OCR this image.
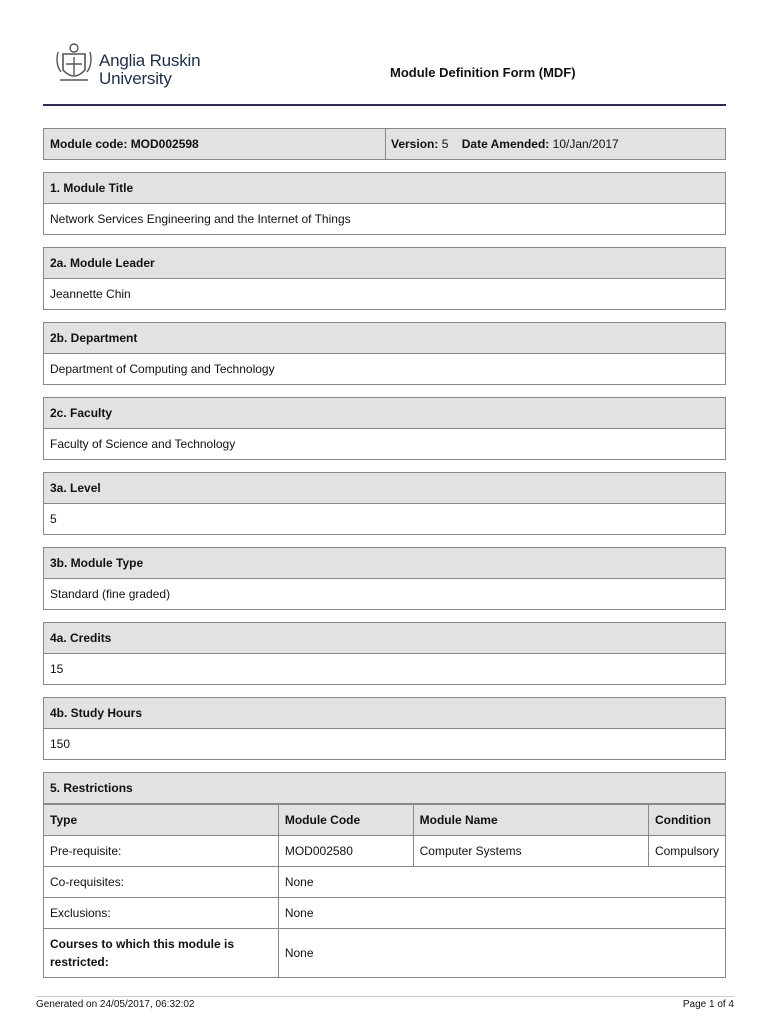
Anglia Ruskin
University	Module Definition Form (MDF)
Module code: MOD002598	Version: 5 Date Amended: 10/Jan/2017
1. Module Title
Network Services Engineering and the Internet of Things
2a. Module Leader
Jeannette Chin
2b. Department
Department of Computing and Technology
2c. Faculty
Faculty of Science and Technology
3a. Level
5
3b. Module Type
Standard (fine graded)
4a. Credits
15
4b. Study Hours
150
5. Restrictions
Type	Module Code	Module Name	Condition
Pre-requisite:	MOD002580	Computer Systems	Compulsory
Co-requisites:	None		
Exclusions:	None		
Courses to which this module is restricted:	None		
Generated on 24/05/2017, 06:32:02	Page 1 of 4
